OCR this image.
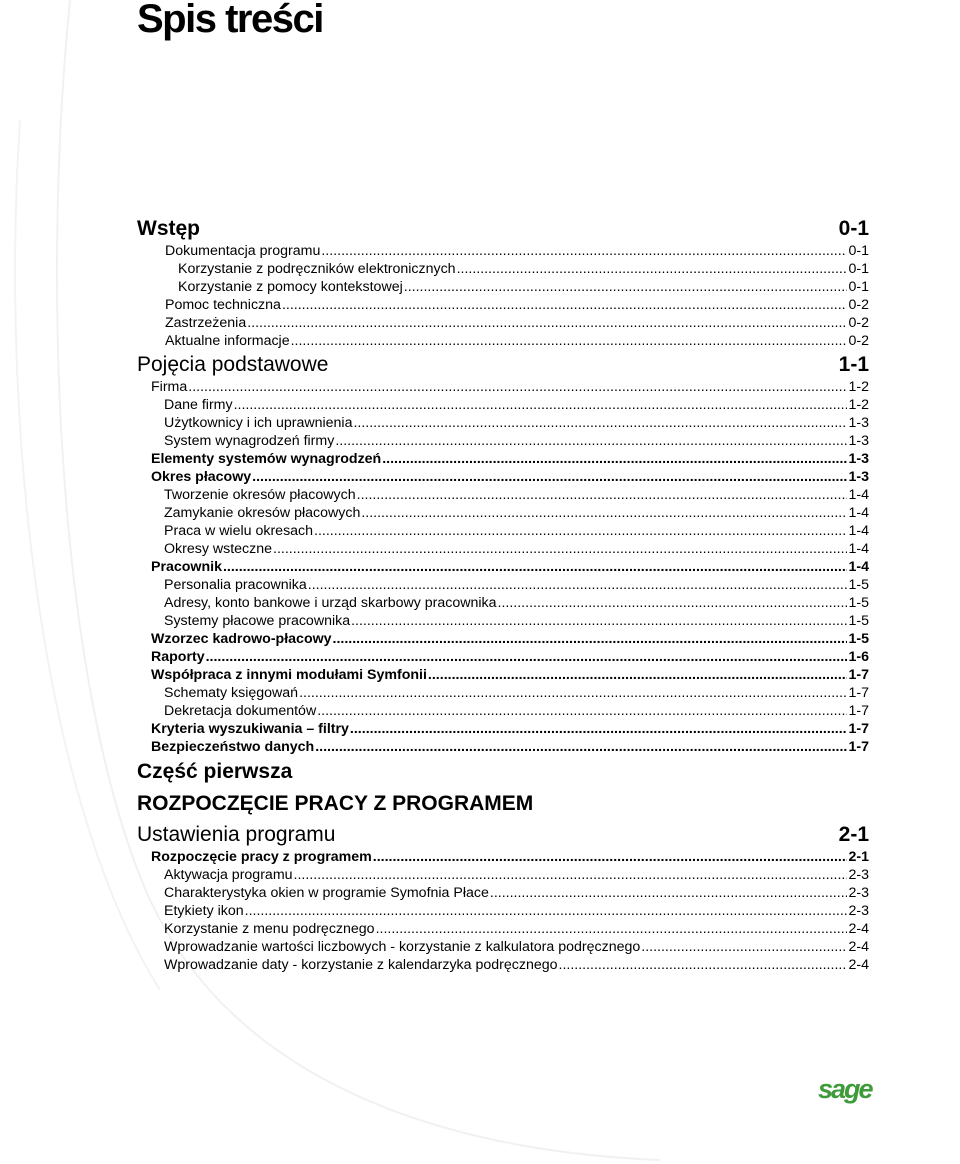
Spis treści
Wstęp	0-1
Dokumentacja programu .....	0-1
Korzystanie z podręczników elektronicznych .....	0-1
Korzystanie z pomocy kontekstowej .....	0-1
Pomoc techniczna .....	0-2
Zastrzeżenia .....	0-2
Aktualne informacje .....	0-2
Pojęcia podstawowe	1-1
Firma .....	1-2
Dane firmy .....	1-2
Użytkownicy i ich uprawnienia .....	1-3
System wynagrodzeń firmy .....	1-3
Elementy systemów wynagrodzeń .....	1-3
Okres płacowy .....	1-3
Tworzenie okresów płacowych .....	1-4
Zamykanie okresów płacowych .....	1-4
Praca w wielu okresach .....	1-4
Okresy wsteczne .....	1-4
Pracownik .....	1-4
Personalia pracownika .....	1-5
Adresy, konto bankowe i urząd skarbowy pracownika .....	1-5
Systemy płacowe pracownika .....	1-5
Wzorzec kadrowo-płacowy .....	1-5
Raporty .....	1-6
Współpraca z innymi modułami Symfonii .....	1-7
Schematy księgowań .....	1-7
Dekretacja dokumentów .....	1-7
Kryteria wyszukiwania – filtry .....	1-7
Bezpieczeństwo danych .....	1-7
Część pierwsza
ROZPOCZĘCIE PRACY Z PROGRAMEM
Ustawienia programu	2-1
Rozpoczęcie pracy z programem .....	2-1
Aktywacja programu .....	2-3
Charakterystyka okien w programie Symofnia Płace .....	2-3
Etykiety ikon .....	2-3
Korzystanie z menu podręcznego .....	2-4
Wprowadzanie wartości liczbowych - korzystanie z kalkulatora podręcznego .....	2-4
Wprowadzanie daty - korzystanie z kalendarzyka podręcznego .....	2-4
sage
